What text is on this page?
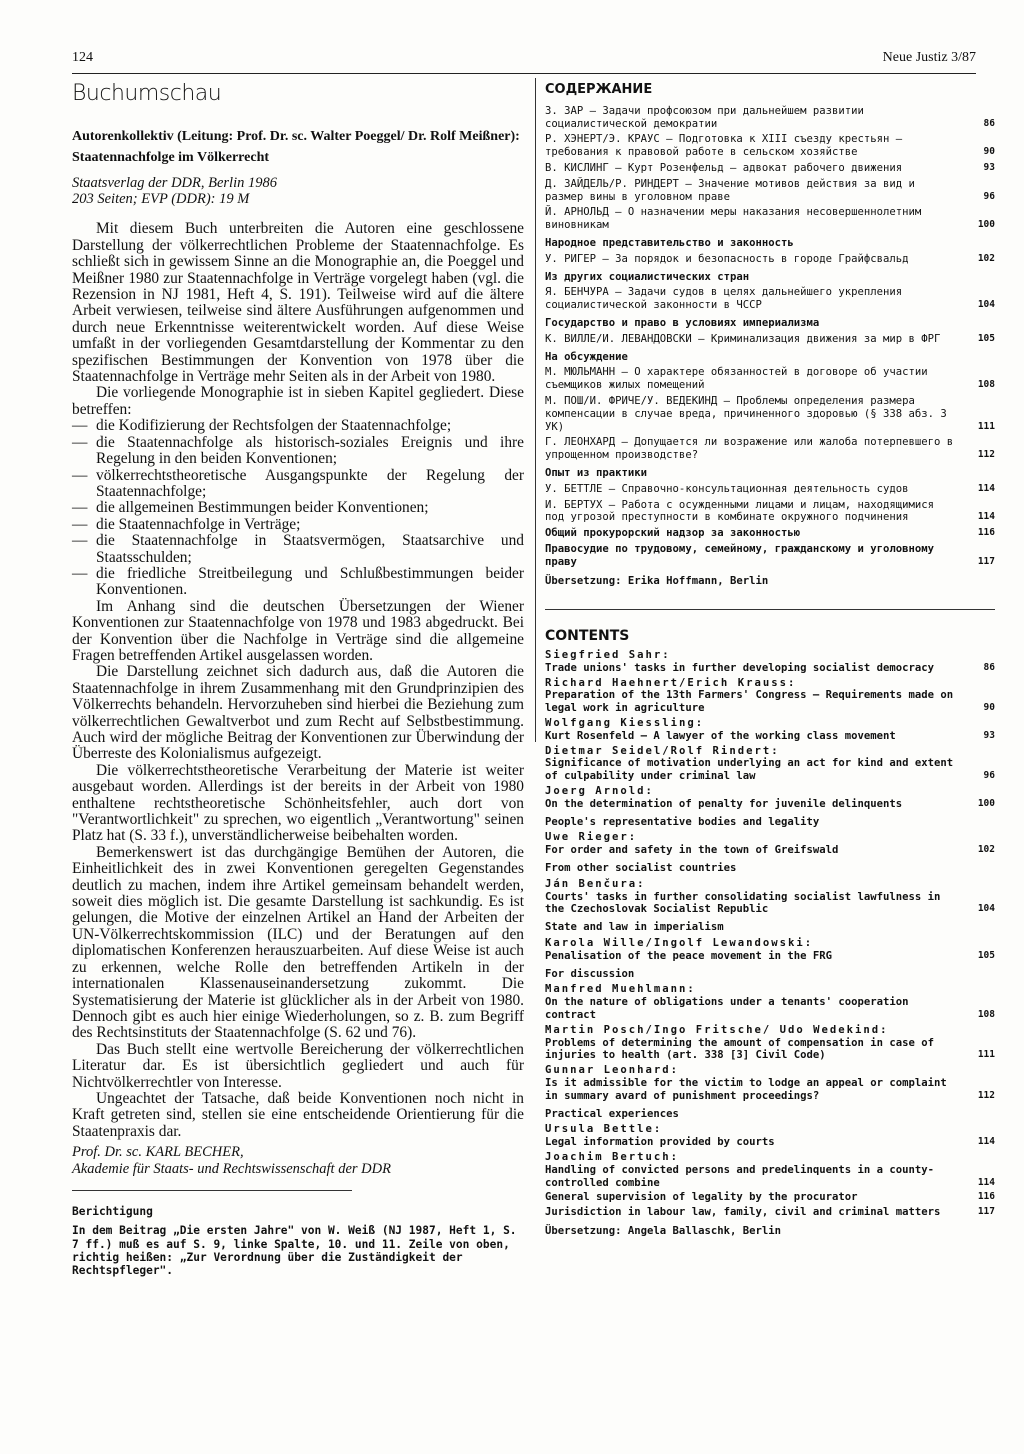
124	Neue Justiz 3/87
Buchumschau
Autorenkollektiv (Leitung: Prof. Dr. sc. Walter Poeggel/ Dr. Rolf Meißner):
Staatennachfolge im Völkerrecht
Staatsverlag der DDR, Berlin 1986
203 Seiten; EVP (DDR): 19 M

Mit diesem Buch unterbreiten die Autoren eine geschlossene Darstellung der völkerrechtlichen Probleme der Staatennachfolge. Es schließt sich in gewissem Sinne an die Monographie an, die Poeggel und Meißner 1980 zur Staatennachfolge in Verträge vorgelegt haben (vgl. die Rezension in NJ 1981, Heft 4, S. 191). Teilweise wird auf die ältere Arbeit verwiesen, teilweise sind ältere Ausführungen aufgenommen und durch neue Erkenntnisse weiterentwickelt worden. Auf diese Weise umfaßt in der vorliegenden Gesamtdarstellung der Kommentar zu den spezifischen Bestimmungen der Konvention von 1978 über die Staatennachfolge in Verträge mehr Seiten als in der Arbeit von 1980.

Die vorliegende Monographie ist in sieben Kapitel gegliedert. Diese betreffen:

— die Kodifizierung der Rechtsfolgen der Staatennachfolge;
— die Staatennachfolge als historisch-soziales Ereignis und ihre Regelung in den beiden Konventionen;
— völkerrechtstheoretische Ausgangspunkte der Regelung der Staatennachfolge;
— die allgemeinen Bestimmungen beider Konventionen;
— die Staatennachfolge in Verträge;
— die Staatennachfolge in Staatsvermögen, Staatsarchive und Staatsschulden;
— die friedliche Streitbeilegung und Schlußbestimmungen beider Konventionen.

Im Anhang sind die deutschen Übersetzungen der Wiener Konventionen zur Staatennachfolge von 1978 und 1983 abgedruckt. Bei der Konvention über die Nachfolge in Verträge sind die allgemeine Fragen betreffenden Artikel ausgelassen worden.

Die Darstellung zeichnet sich dadurch aus, daß die Autoren die Staatennachfolge in ihrem Zusammenhang mit den Grundprinzipien des Völkerrechts behandeln. Hervorzuheben sind hierbei die Beziehung zum völkerrechtlichen Gewaltverbot und zum Recht auf Selbstbestimmung. Auch wird der mögliche Beitrag der Konventionen zur Überwindung der Überreste des Kolonialismus aufgezeigt.

Die völkerrechtstheoretische Verarbeitung der Materie ist weiter ausgebaut worden. Allerdings ist der bereits in der Arbeit von 1980 enthaltene rechtstheoretische Schönheitsfehler, auch dort von "Verantwortlichkeit" zu sprechen, wo eigentlich „Verantwortung" seinen Platz hat (S. 33 f.), unverständlicherweise beibehalten worden.

Bemerkenswert ist das durchgängige Bemühen der Autoren, die Einheitlichkeit des in zwei Konventionen geregelten Gegenstandes deutlich zu machen, indem ihre Artikel gemeinsam behandelt werden, soweit dies möglich ist. Die gesamte Darstellung ist sachkundig. Es ist gelungen, die Motive der einzelnen Artikel an Hand der Arbeiten der UN-Völkerrechtskommission (ILC) und der Beratungen auf den diplomatischen Konferenzen herauszuarbeiten. Auf diese Weise ist auch zu erkennen, welche Rolle den betreffenden Artikeln in der internationalen Klassenauseinandersetzung zukommt. Die Systematisierung der Materie ist glücklicher als in der Arbeit von 1980. Dennoch gibt es auch hier einige Wiederholungen, so z. B. zum Begriff des Rechtsinstituts der Staatennachfolge (S. 62 und 76).

Das Buch stellt eine wertvolle Bereicherung der völkerrechtlichen Literatur dar. Es ist übersichtlich gegliedert und auch für Nichtvölkerrechtler von Interesse.

Ungeachtet der Tatsache, daß beide Konventionen noch nicht in Kraft getreten sind, stellen sie eine entscheidende Orientierung für die Staatenpraxis dar.

Prof. Dr. sc. KARL BECHER,
Akademie für Staats- und Rechtswissenschaft der DDR
Berichtigung
In dem Beitrag „Die ersten Jahre" von W. Weiß (NJ 1987, Heft 1, S. 7 ff.) muß es auf S. 9, linke Spalte, 10. und 11. Zeile von oben, richtig heißen: „Zur Verordnung über die Zuständigkeit der Rechtspfleger".
СОДЕРЖАНИЕ
З. ЗАР — Задачи профсоюзом при дальнейшем развитии социалистической демократии	86
Р. ХЭНЕРТ/Э. КРАУС — Подготовка к XIII съезду крестьян — требования к правовой работе в сельском хозяйстве	90
В. КИСЛИНГ — Курт Розенфельд — адвокат рабочего движения	93
Д. ЗАЙДЕЛЬ/Р. РИНДЕРТ — Значение мотивов действия за вид и размер вины в уголовном праве	96
Й. АРНОЛЬД — О назначении меры наказания несовершеннолетним виновникам	100
Народное представительство и законность
У. РИГЕР — За порядок и безопасность в городе Грайфсвальд	102
Из других социалистических стран
Я. БЕНЧУРА — Задачи судов в целях дальнейшего укрепления социалистической законности в ЧССР	104
Государство и право в условиях империализма
К. ВИЛЛЕ/И. ЛЕВАНДОВСКИ — Криминализация движения за мир в ФРГ	105
На обсуждение
М. МЮЛЬМАНН — О характере обязанностей в договоре об участии съемщиков жилых помещений	108
М. ПОШ/И. ФРИЧЕ/У. ВЕДЕКИНД — Проблемы определения размера компенсации в случае вреда, причиненного здоровью (§ 338 абз. 3 УК)	111
Г. ЛЕОНХАРД — Допущается ли возражение или жалоба потерпевшего в упрощенном производстве?	112
Опыт из практики
У. БЕТТЛЕ — Справочно-консультационная деятельность судов	114
И. БЕРТУХ — Работа с осужденными лицами и лицам, находящимися под угрозой преступности в комбинате окружного подчинения	114
Общий прокурорский надзор за законностью	116
Правосудие по трудовому, семейному, гражданскому и уголовному праву	117
Übersetzung: Erika Hoffmann, Berlin
CONTENTS
Siegfried Sahr:
Trade unions' tasks in further developing socialist democracy	86
Richard Haehnert/Erich Krauss:
Preparation of the 13th Farmers' Congress — Requirements made on legal work in agriculture	90
Wolfgang Kiessling:
Kurt Rosenfeld — A lawyer of the working class movement	93
Dietmar Seidel/Rolf Rindert:
Significance of motivation underlying an act for kind and extent of culpability under criminal law	96
Joerg Arnold:
On the determination of penalty for juvenile delinquents	100
People's representative bodies and legality
Uwe Rieger:
For order and safety in the town of Greifswald	102
From other socialist countries
Ján Benčura:
Courts' tasks in further consolidating socialist lawfulness in the Czechoslovak Socialist Republic	104
State and law in imperialism
Karola Wille/Ingolf Lewandowski:
Penalisation of the peace movement in the FRG	105
For discussion
Manfred Muehlmann:
On the nature of obligations under a tenants' cooperation contract	108
Martin Posch/Ingo Fritsche/ Udo Wedekind:
Problems of determining the amount of compensation in case of injuries to health (art. 338 [3] Civil Code)	111
Gunnar Leonhard:
Is it admissible for the victim to lodge an appeal or complaint in summary avard of punishment proceedings?	112
Practical experiences
Ursula Bettle:
Legal information provided by courts	114
Joachim Bertuch:
Handling of convicted persons and predelinquents in a county-controlled combine	114
General supervision of legality by the procurator	116
Jurisdiction in labour law, family, civil and criminal matters	117
Übersetzung: Angela Ballaschk, Berlin
